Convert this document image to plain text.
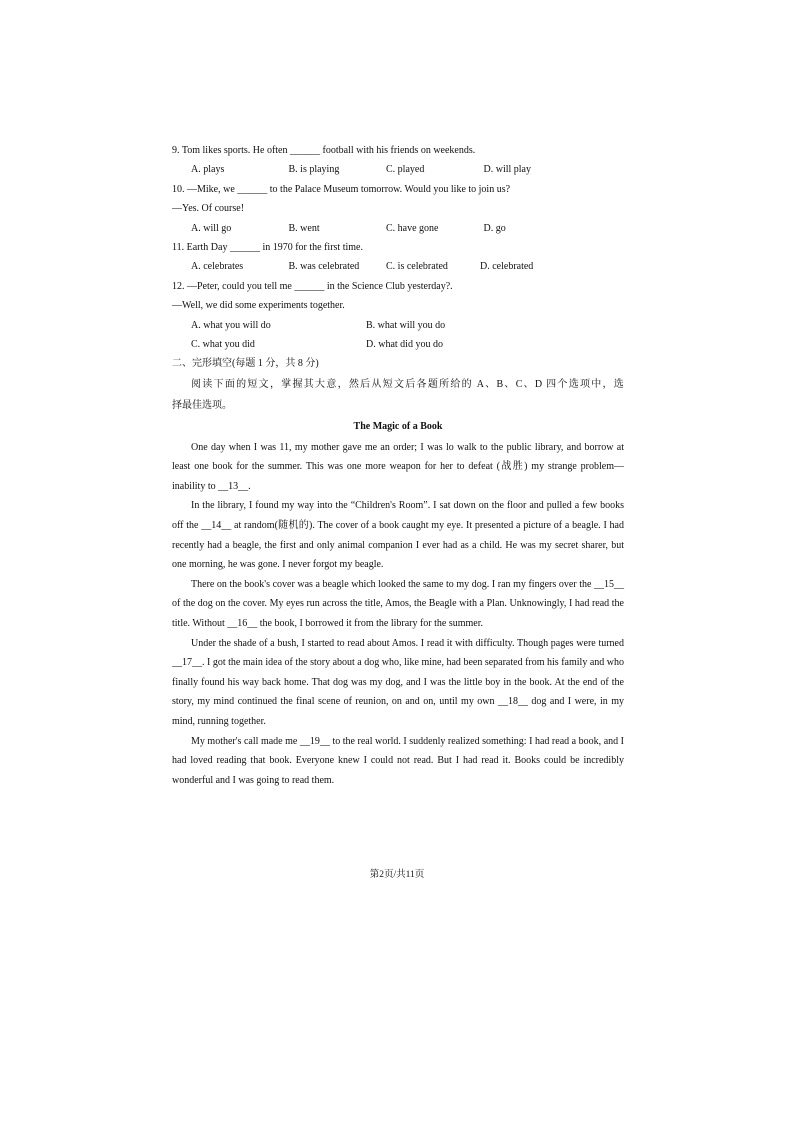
9. Tom likes sports. He often ______ football with his friends on weekends.
A. plays	B. is playing	C. played	D. will play
10. —Mike, we ______ to the Palace Museum tomorrow. Would you like to join us?
—Yes. Of course!
A. will go	B. went	C. have gone	D. go
11. Earth Day ______ in 1970 for the first time.
A. celebrates	B. was celebrated	C. is celebrated	D. celebrated
12. —Peter, could you tell me ______ in the Science Club yesterday?.
—Well, we did some experiments together.
A. what you will do	B. what will you do
C. what you did	D. what did you do
二、完形填空(每题 1 分，共 8 分)
阅读下面的短文，掌握其大意，然后从短文后各题所给的 A、B、C、D 四个选项中，选
择最佳选项。
The Magic of a Book

One day when I was 11, my mother gave me an order; I was lo walk to the public library, and borrow at least one book for the summer. This was one more weapon for her to defeat (战胜) my strange problem—inability to __13__.

In the library, I found my way into the “Children's Room”. I sat down on the floor and pulled a few books off the __14__ at random(随机的). The cover of a book caught my eye. It presented a picture of a beagle. I had recently had a beagle, the first and only animal companion I ever had as a child. He was my secret sharer, but one morning, he was gone. I never forgot my beagle.

There on the book's cover was a beagle which looked the same to my dog. I ran my fingers over the __15__ of the dog on the cover. My eyes run across the title, Amos, the Beagle with a Plan. Unknowingly, I had read the title. Without __16__ the book, I borrowed it from the library for the summer.

Under the shade of a bush, I started to read about Amos. I read it with difficulty. Though pages were turned __17__. I got the main idea of the story about a dog who, like mine, had been separated from his family and who finally found his way back home. That dog was my dog, and I was the little boy in the book. At the end of the story, my mind continued the final scene of reunion, on and on, until my own __18__ dog and I were, in my mind, running together.

My mother's call made me __19__ to the real world. I suddenly realized something: I had read a book, and I had loved reading that book. Everyone knew I could not read. But I had read it. Books could be incredibly wonderful and I was going to read them.

第2页/共11页
